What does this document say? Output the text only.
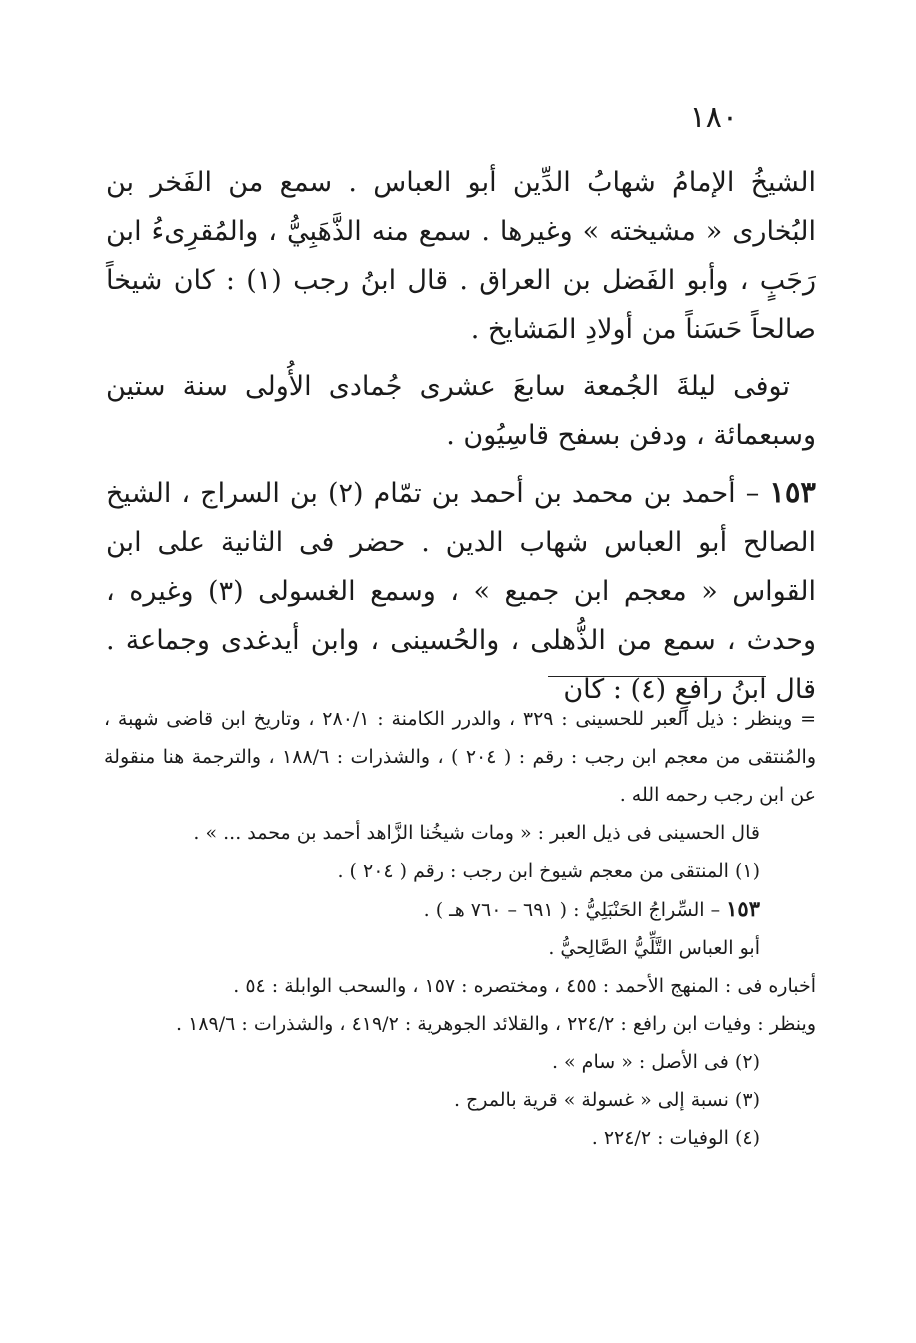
١٨٠

الشيخُ الإمامُ شهابُ الدِّين أبو العباس . سمع من الفَخر بن البُخارى « مشيخته » وغيرها . سمع منه الذَّهَبِيُّ ، والمُقرِىءُ ابن رَجَبٍ ، وأبو الفَضل بن العراق . قال ابنُ رجب (١) : كان شيخاً صالحاً حَسَناً من أولادِ المَشايخ .

توفى ليلةَ الجُمعة سابعَ عشرى جُمادى الأُولى سنة ستين وسبعمائة ، ودفن بسفح قاسِيُون .

١٥٣ – أحمد بن محمد بن أحمد بن تمّام (٢) بن السراج ، الشيخ الصالح أبو العباس شهاب الدين . حضر فى الثانية على ابن القواس « معجم ابن جميع » ، وسمع الغسولى (٣) وغيره ، وحدث ، سمع من الذُّهلى ، والحُسينى ، وابن أيدغدى وجماعة . قال ابنُ رافعٍ (٤) : كان

= وينظر : ذيل العبر للحسينى : ٣٢٩ ، والدرر الكامنة : ٢٨٠/١ ، وتاريخ ابن قاضى شهبة ، والمُنتقى من معجم ابن رجب : رقم : ( ٢٠٤ ) ، والشذرات : ١٨٨/٦ ، والترجمة هنا منقولة عن ابن رجب رحمه الله .

قال الحسينى فى ذيل العبر : « ومات شيخُنا الزَّاهد أحمد بن محمد ... » .

(١) المنتقى من معجم شيوخ ابن رجب : رقم ( ٢٠٤ ) .

١٥٣ – السِّراجُ الحَنْبَلِيُّ : ( ٦٩١ – ٧٦٠ هـ ) .

أبو العباس التَّلِّيُّ الصَّالِحيُّ .

أخباره فى : المنهج الأحمد : ٤٥٥ ، ومختصره : ١٥٧ ، والسحب الوابلة : ٥٤ .

وينظر : وفيات ابن رافع : ٢٢٤/٢ ، والقلائد الجوهرية : ٤١٩/٢ ، والشذرات : ١٨٩/٦ .

(٢) فى الأصل : « سام » .

(٣) نسبة إلى « غسولة » قرية بالمرج .

(٤) الوفيات : ٢٢٤/٢ .
